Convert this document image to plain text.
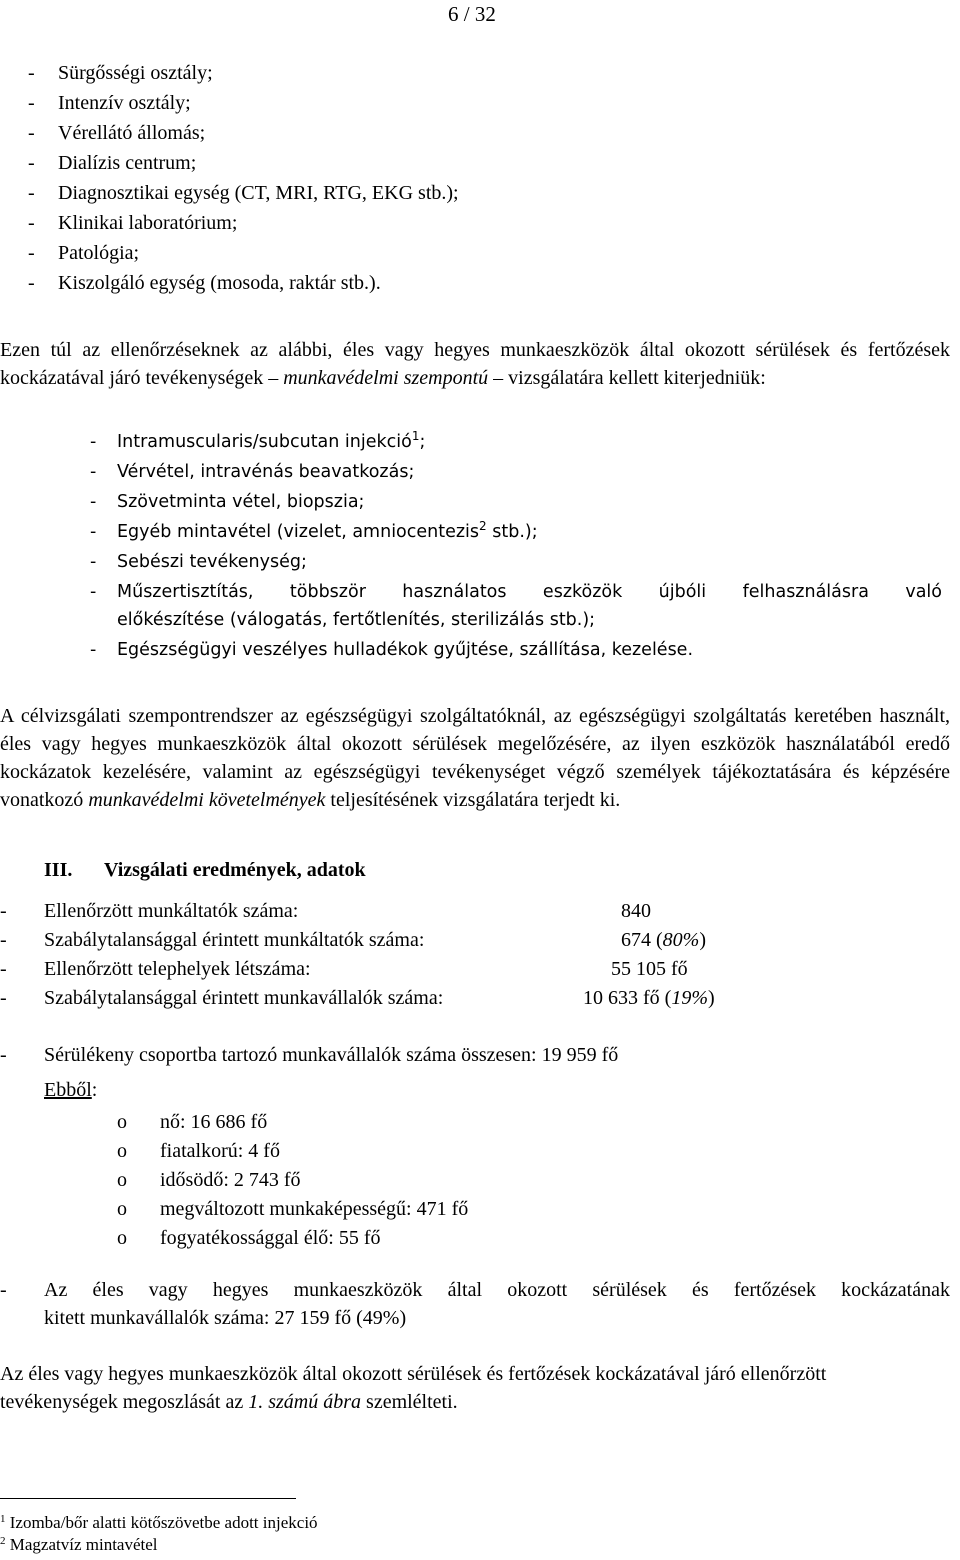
6 / 32
- Sürgősségi osztály;
- Intenzív osztály;
- Vérellátó állomás;
- Dialízis centrum;
- Diagnosztikai egység (CT, MRI, RTG, EKG stb.);
- Klinikai laboratórium;
- Patológia;
- Kiszolgáló egység (mosoda, raktár stb.).

Ezen túl az ellenőrzéseknek az alábbi, éles vagy hegyes munkaeszközök által okozott sérülések és fertőzések kockázatával járó tevékenységek – munkavédelmi szempontú – vizsgálatára kellett kiterjedniük:

- Intramuscularis/subcutan injekció$^1$;
- Vérvétel, intravénás beavatkozás;
- Szövetminta vétel, biopszia;
- Egyéb mintavétel (vizelet, amniocentezis$^2$ stb.);
- Sebészi tevékenység;
- Műszertisztítás, többször használatos eszközök újbóli felhasználásra való
előkészítése (válogatás, fertőtlenítés, sterilizálás stb.);
- Egészségügyi veszélyes hulladékok gyűjtése, szállítása, kezelése.

A célvizsgálati szempontrendszer az egészségügyi szolgáltatóknál, az egészségügyi szolgáltatás keretében használt, éles vagy hegyes munkaeszközök által okozott sérülések megelőzésére, az ilyen eszközök használatából eredő kockázatok kezelésére, valamint az egészségügyi tevékenységet végző személyek tájékoztatására és képzésére vonatkozó munkavédelmi követelmények teljesítésének vizsgálatára terjedt ki.

III. Vizsgálati eredmények, adatok
- Ellenőrzött munkáltatók száma:	840
- Szabálytalansággal érintett munkáltatók száma:	674 (80%)
- Ellenőrzött telephelyek létszáma:	55 105 fő
- Szabálytalansággal érintett munkavállalók száma:	10 633 fő (19%)
- Sérülékeny csoportba tartozó munkavállalók száma összesen: 19 959 fő
Ebből:
o nő: 16 686 fő
o fiatalkorú: 4 fő
o idősödő: 2 743 fő
o megváltozott munkaképességű: 471 fő
o fogyatékossággal élő: 55 fő
- Az éles vagy hegyes munkaeszközök által okozott sérülések és fertőzések kockázatának
kitett munkavállalók száma: 27 159 fő (49%)

Az éles vagy hegyes munkaeszközök által okozott sérülések és fertőzések kockázatával járó ellenőrzött tevékenységek megoszlását az 1. számú ábra szemlélteti.

$^1$ Izomba/bőr alatti kötőszövetbe adott injekció
$^2$ Magzatvíz mintavétel
